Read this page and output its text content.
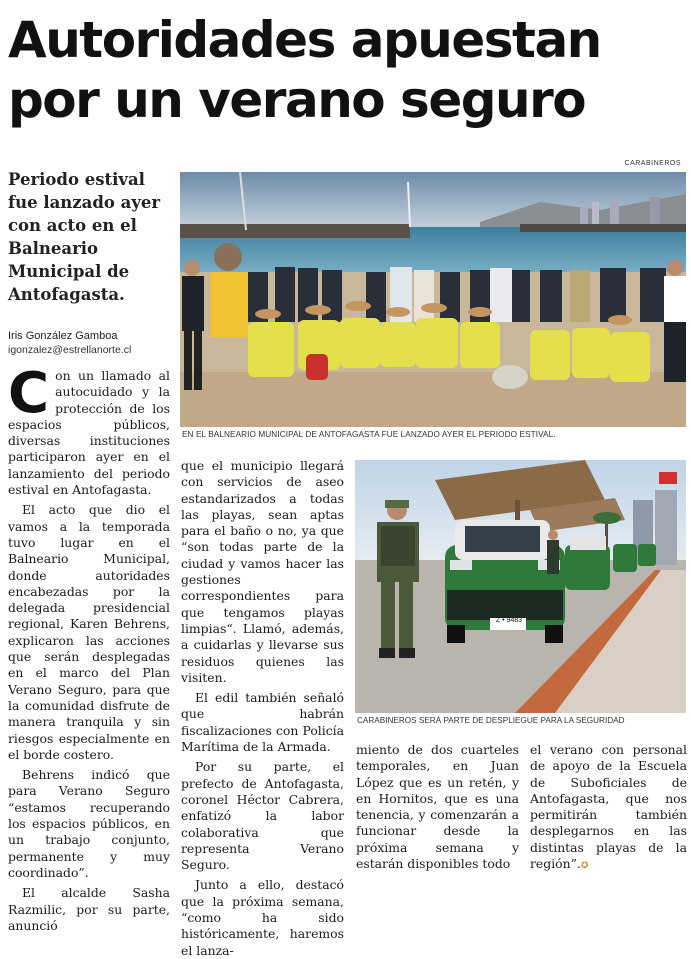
Autoridades apuestan por un verano seguro
Periodo estival fue lanzado ayer con acto en el Balneario Municipal de Antofagasta.
Iris González Gamboa
igonzalez@estrellanorte.cl
CARABINEROS
EN EL BALNEARIO MUNICIPAL DE ANTOFAGASTA FUE LANZADO AYER EL PERIODO ESTIVAL.
Z • 9483
CARABINEROS SERÁ PARTE DE DESPLIEGUE PARA LA SEGURIDAD

Con un llamado al autocuidado y la protección de los espacios públicos, diversas instituciones participaron ayer en el lanzamiento del periodo estival en Antofagasta.

El acto que dio el vamos a la temporada tuvo lugar en el Balneario Municipal, donde autoridades encabezadas por la delegada presidencial regional, Karen Behrens, explicaron las acciones que serán desplegadas en el marco del Plan Verano Seguro, para que la comunidad disfrute de manera tranquila y sin riesgos especialmente en el borde costero.

Behrens indicó que para Verano Seguro “estamos recuperando los espacios públicos, en un trabajo conjunto, permanente y muy coordinado”.

El alcalde Sasha Razmilic, por su parte, anunció

que el municipio llegará con servicios de aseo estandarizados a todas las playas, sean aptas para el baño o no, ya que “son todas parte de la ciudad y vamos hacer las gestiones correspondientes para que tengamos playas limpias“. Llamó, además, a cuidarlas y llevarse sus residuos quienes las visiten.

El edil también señaló que habrán fiscalizaciones con Policía Marítima de la Armada.

Por su parte, el prefecto de Antofagasta, coronel Héctor Cabrera, enfatizó la labor colaborativa que representa Verano Seguro.

Junto a ello, destacó que la próxima semana, “como ha sido históricamente, haremos el lanza-

miento de dos cuarteles temporales, en Juan López que es un retén, y en Hornitos, que es una tenencia, y comenzarán a funcionar desde la próxima semana y estarán disponibles todo

el verano con personal de apoyo de la Escuela de Suboficiales de Antofagasta, que nos permitirán también desplegarnos en las distintas playas de la región”.✪
